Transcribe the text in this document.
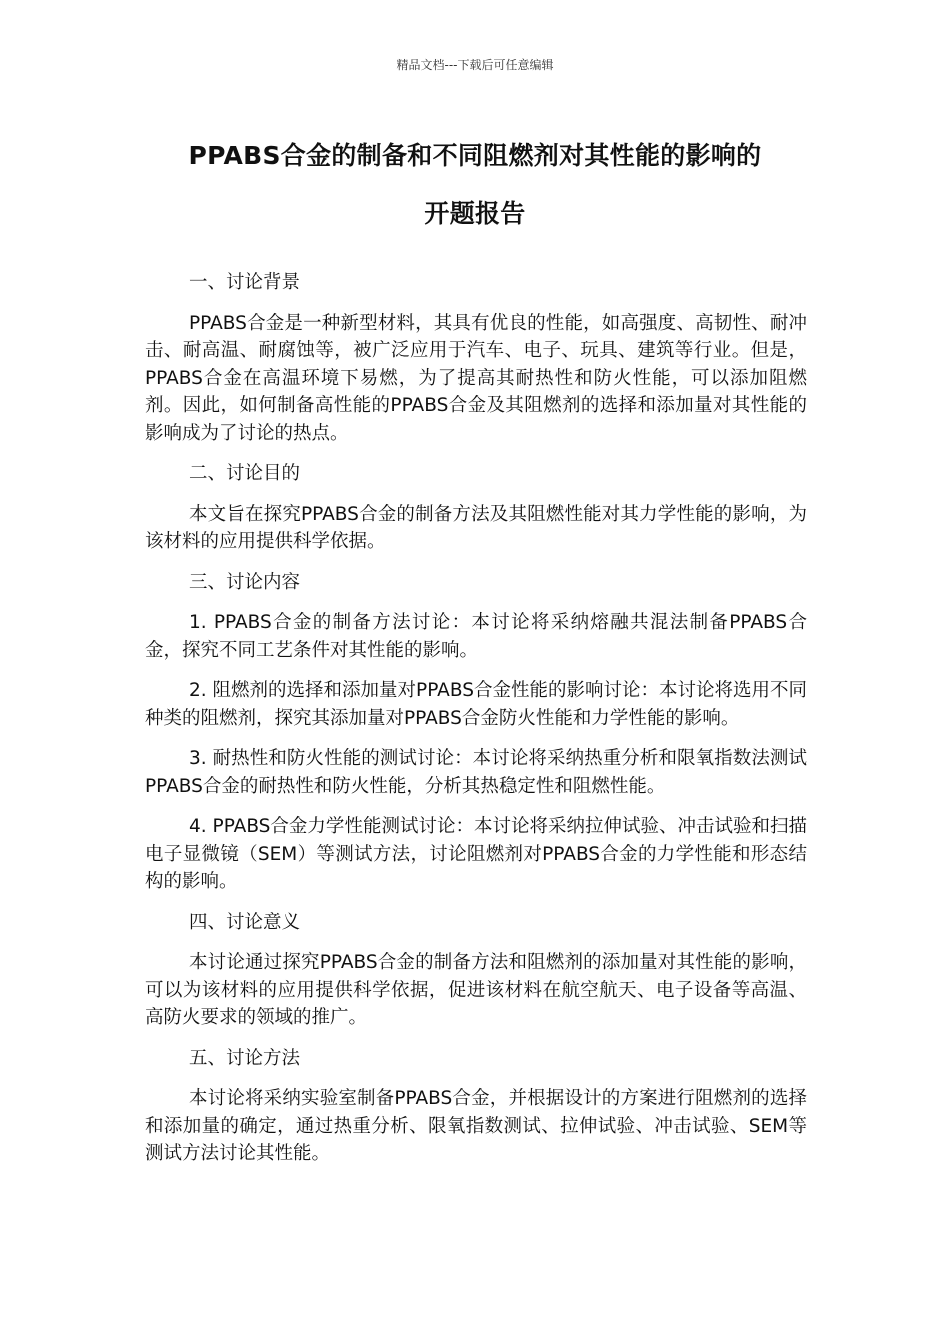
精品文档---下载后可任意编辑
PPABS合金的制备和不同阻燃剂对其性能的影响的
开题报告
一、讨论背景

PPABS合金是一种新型材料，其具有优良的性能，如高强度、高韧性、耐冲击、耐高温、耐腐蚀等，被广泛应用于汽车、电子、玩具、建筑等行业。但是，PPABS合金在高温环境下易燃，为了提高其耐热性和防火性能，可以添加阻燃剂。因此，如何制备高性能的PPABS合金及其阻燃剂的选择和添加量对其性能的影响成为了讨论的热点。

二、讨论目的

本文旨在探究PPABS合金的制备方法及其阻燃性能对其力学性能的影响，为该材料的应用提供科学依据。

三、讨论内容

1. PPABS合金的制备方法讨论：本讨论将采纳熔融共混法制备PPABS合金，探究不同工艺条件对其性能的影响。

2. 阻燃剂的选择和添加量对PPABS合金性能的影响讨论：本讨论将选用不同种类的阻燃剂，探究其添加量对PPABS合金防火性能和力学性能的影响。

3. 耐热性和防火性能的测试讨论：本讨论将采纳热重分析和限氧指数法测试PPABS合金的耐热性和防火性能，分析其热稳定性和阻燃性能。

4. PPABS合金力学性能测试讨论：本讨论将采纳拉伸试验、冲击试验和扫描电子显微镜（SEM）等测试方法，讨论阻燃剂对PPABS合金的力学性能和形态结构的影响。

四、讨论意义

本讨论通过探究PPABS合金的制备方法和阻燃剂的添加量对其性能的影响，可以为该材料的应用提供科学依据，促进该材料在航空航天、电子设备等高温、高防火要求的领域的推广。

五、讨论方法

本讨论将采纳实验室制备PPABS合金，并根据设计的方案进行阻燃剂的选择和添加量的确定，通过热重分析、限氧指数测试、拉伸试验、冲击试验、SEM等测试方法讨论其性能。
